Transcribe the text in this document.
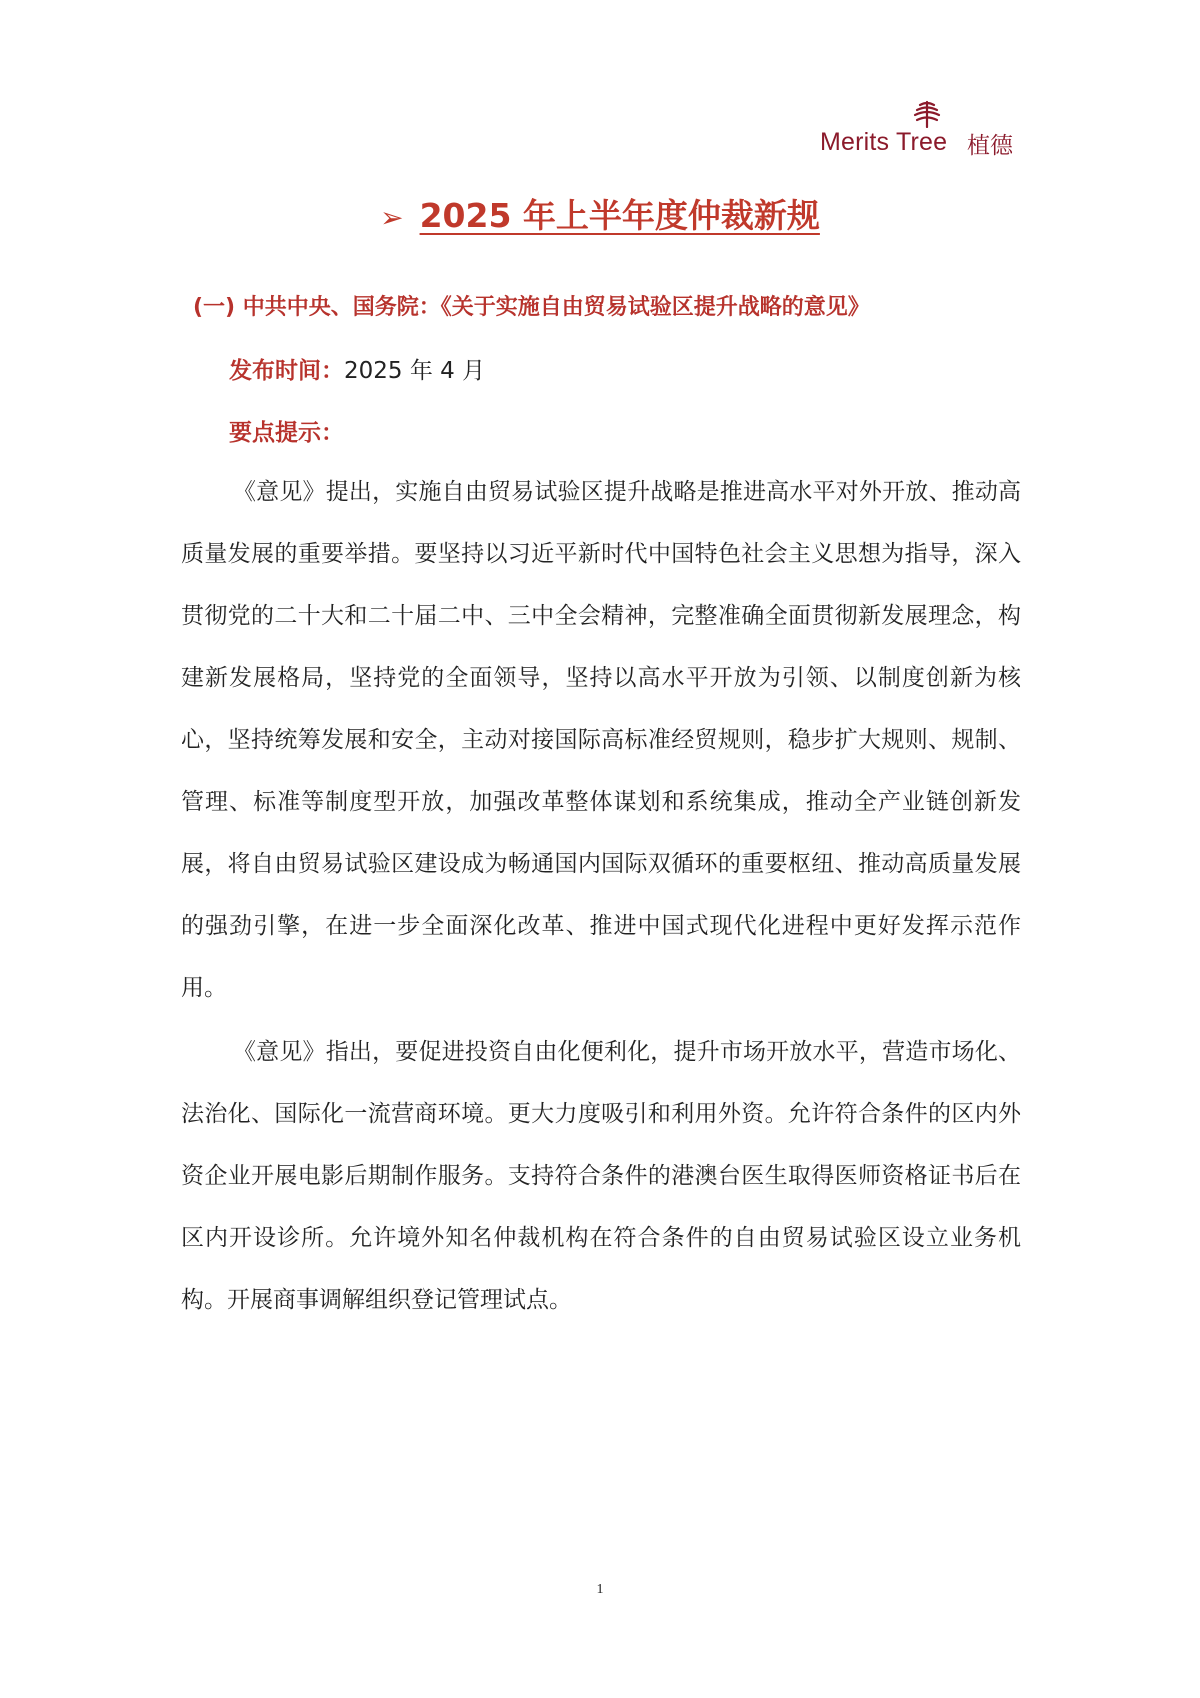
Merits Tree 植德
➢ 2025 年上半年度仲裁新规
(一) 中共中央、国务院：《关于实施自由贸易试验区提升战略的意见》
发布时间：2025 年 4 月
要点提示：
《意见》提出，实施自由贸易试验区提升战略是推进高水平对外开放、推动高质量发展的重要举措。要坚持以习近平新时代中国特色社会主义思想为指导，深入贯彻党的二十大和二十届二中、三中全会精神，完整准确全面贯彻新发展理念，构建新发展格局，坚持党的全面领导，坚持以高水平开放为引领、以制度创新为核心，坚持统筹发展和安全，主动对接国际高标准经贸规则，稳步扩大规则、规制、管理、标准等制度型开放，加强改革整体谋划和系统集成，推动全产业链创新发展，将自由贸易试验区建设成为畅通国内国际双循环的重要枢纽、推动高质量发展的强劲引擎，在进一步全面深化改革、推进中国式现代化进程中更好发挥示范作用。
《意见》指出，要促进投资自由化便利化，提升市场开放水平，营造市场化、法治化、国际化一流营商环境。更大力度吸引和利用外资。允许符合条件的区内外资企业开展电影后期制作服务。支持符合条件的港澳台医生取得医师资格证书后在区内开设诊所。允许境外知名仲裁机构在符合条件的自由贸易试验区设立业务机构。开展商事调解组织登记管理试点。
1
